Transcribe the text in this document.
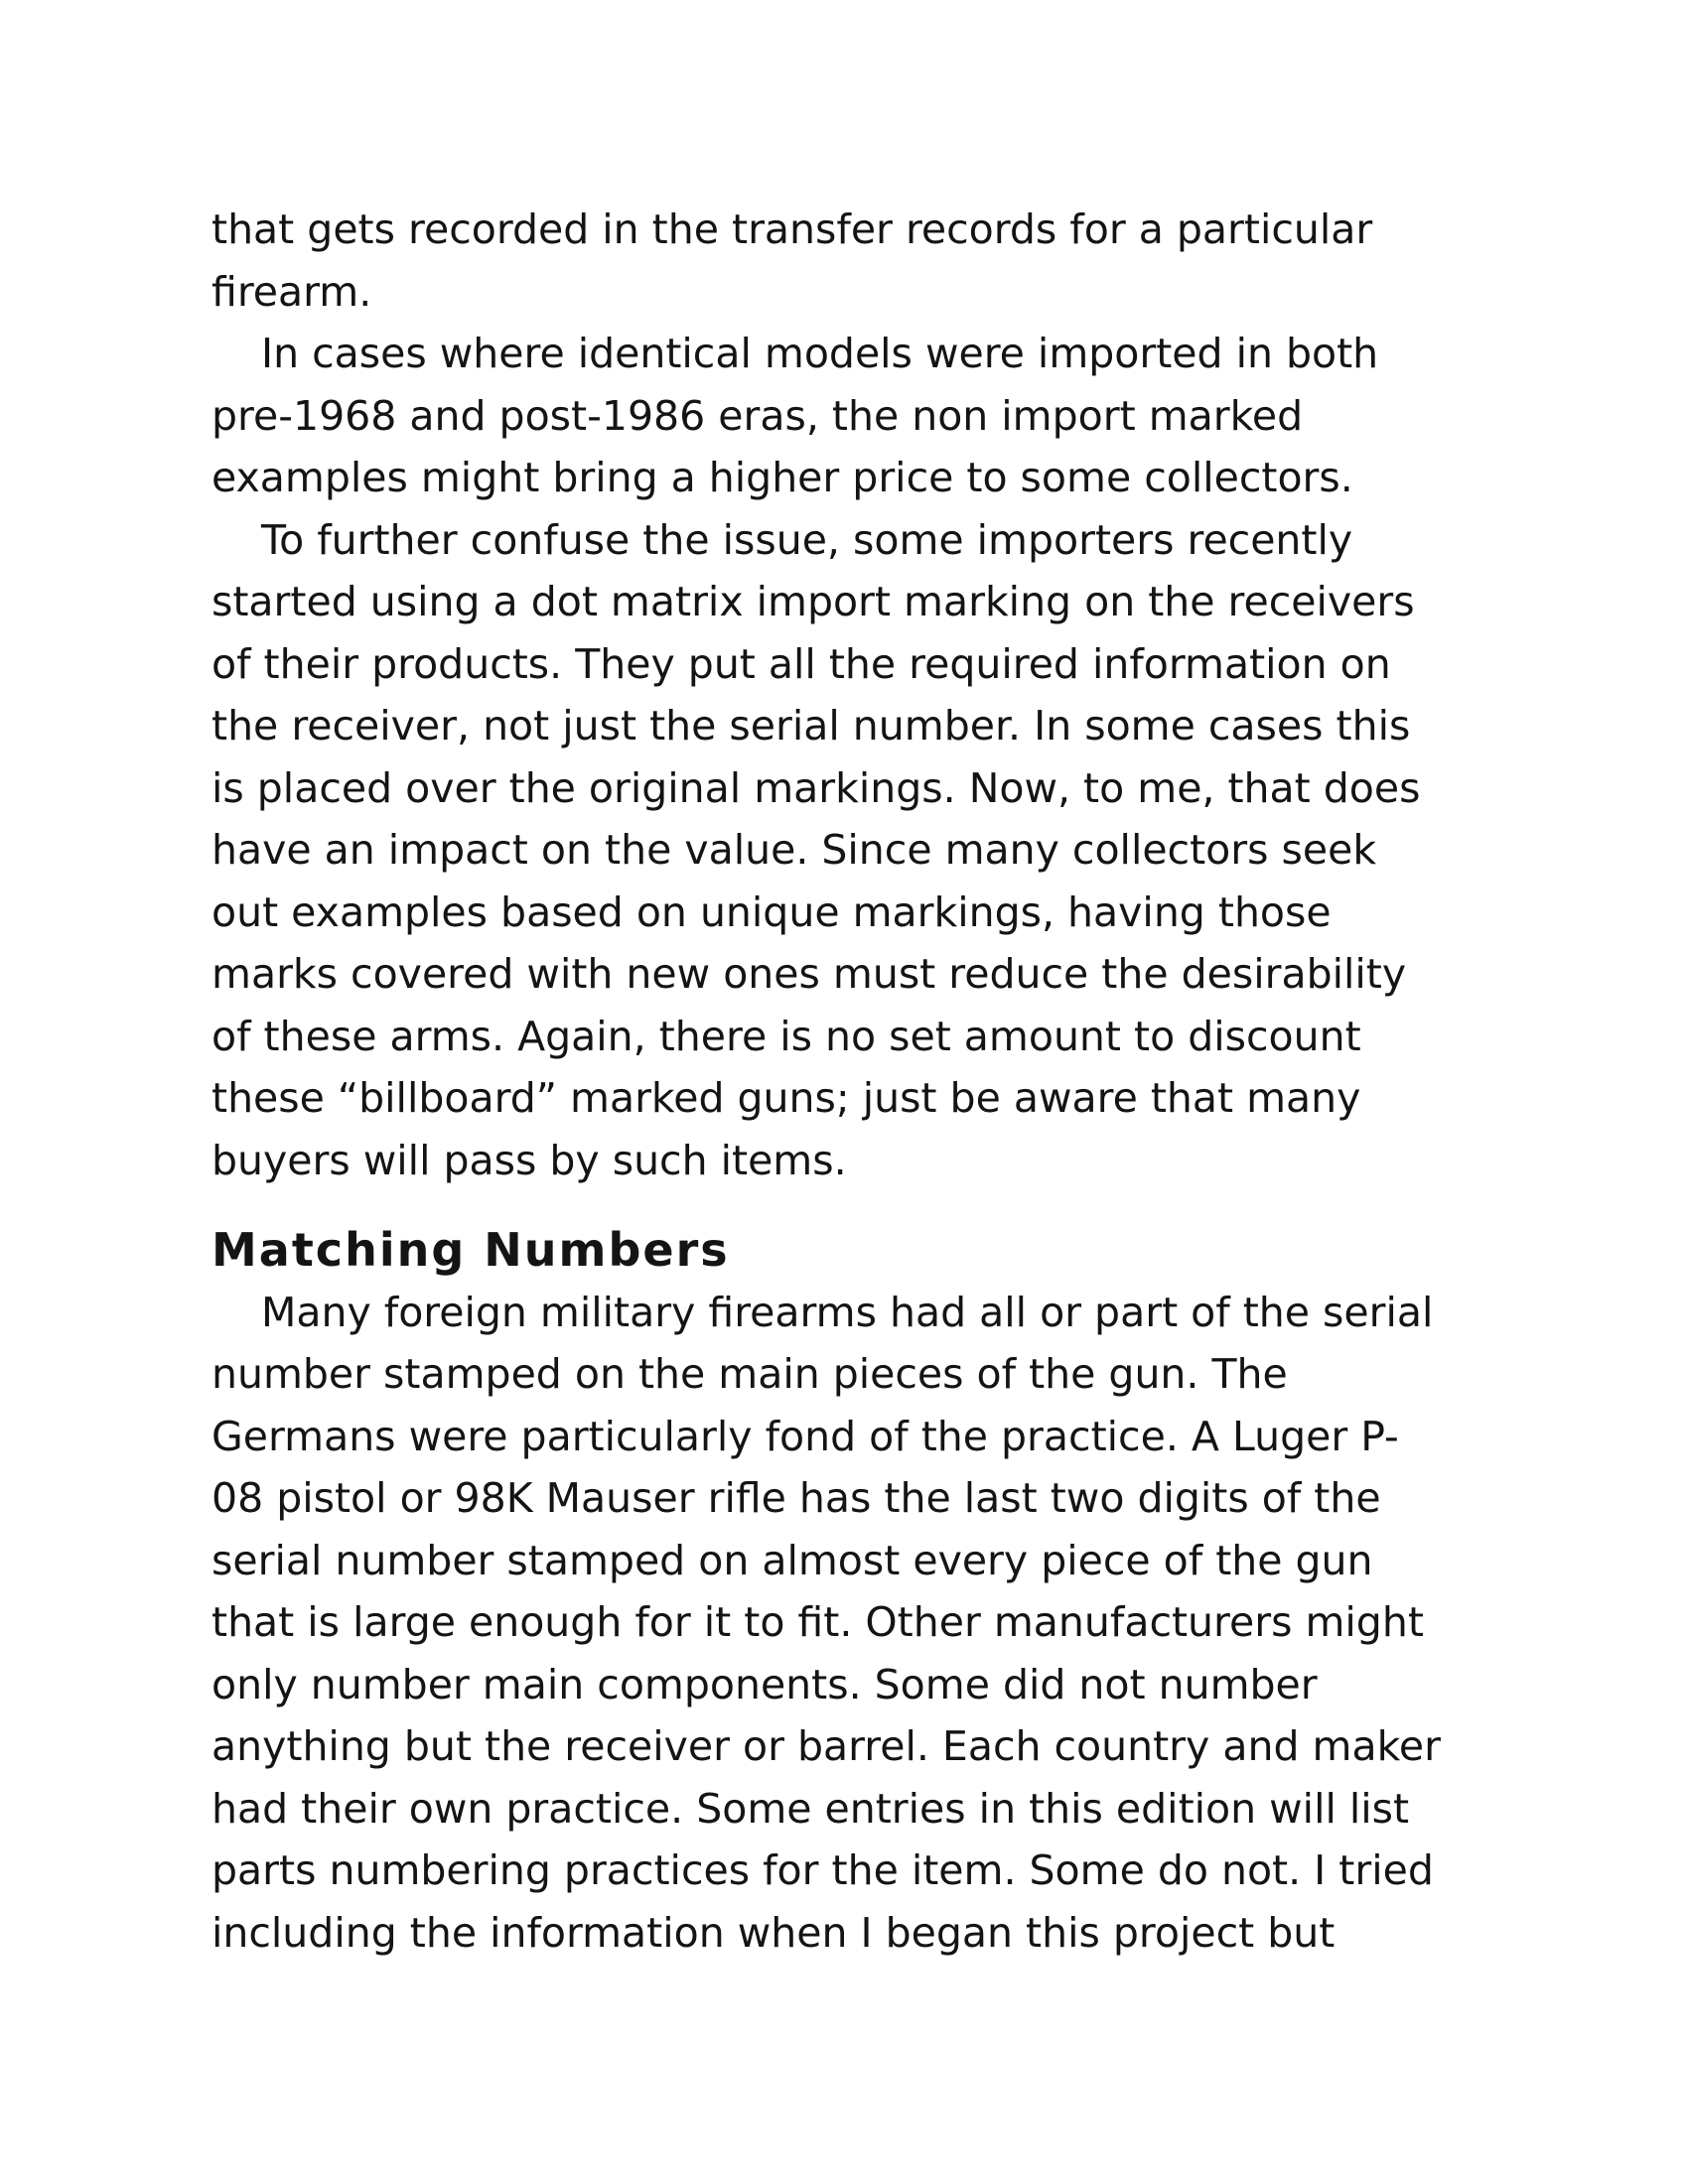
that gets recorded in the transfer records for a particular
firearm.
In cases where identical models were imported in both
pre-1968 and post-1986 eras, the non import marked
examples might bring a higher price to some collectors.
To further confuse the issue, some importers recently
started using a dot matrix import marking on the receivers
of their products. They put all the required information on
the receiver, not just the serial number. In some cases this
is placed over the original markings. Now, to me, that does
have an impact on the value. Since many collectors seek
out examples based on unique markings, having those
marks covered with new ones must reduce the desirability
of these arms. Again, there is no set amount to discount
these “billboard” marked guns; just be aware that many
buyers will pass by such items.
Matching Numbers
Many foreign military firearms had all or part of the serial
number stamped on the main pieces of the gun. The
Germans were particularly fond of the practice. A Luger P-
08 pistol or 98K Mauser rifle has the last two digits of the
serial number stamped on almost every piece of the gun
that is large enough for it to fit. Other manufacturers might
only number main components. Some did not number
anything but the receiver or barrel. Each country and maker
had their own practice. Some entries in this edition will list
parts numbering practices for the item. Some do not. I tried
including the information when I began this project but
